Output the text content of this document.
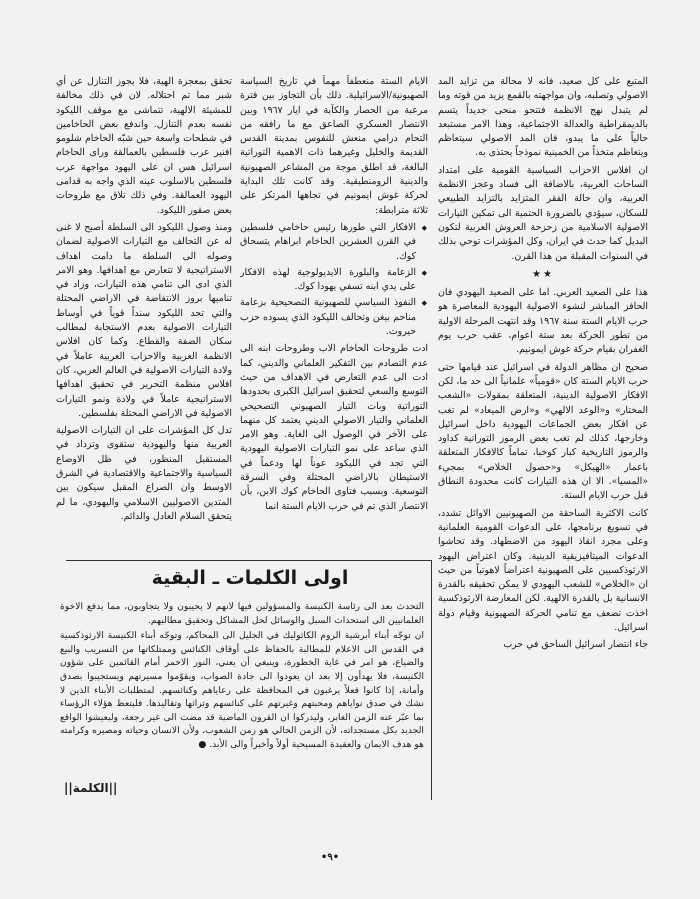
المتبع على كل صعيد، فانه لا محالة من تزايد المد الاصولي وتصلبه، وان مواجهته بالقمع يزيد من قوته وما لم يتبدل نهج الانظمة فتتحو منحى جديداً يتسم بالديمقراطية والعدالة الاجتماعية، وهذا الامر مستبعد حالياً على ما يبدو، فان المد الاصولي سيتعاظم ويتعاظم متخذاً من الخمينية نموذجاً يحتذى به.

ان افلاس الاحزاب السياسية القومية على امتداد الساحات العربية، بالاضافة الى فساد وعجز الانظمة العربية، وان حالة الفقر المتزايد بالتزايد الطبيعي للسكان، سيؤدي بالضرورة الحتمية الى تمكين التيارات الاصولية الاسلامية من زحزحة العروش العربية لتكون البديل كما حدث في ايران، وكل المؤشرات توحي بذلك في السنوات المقبلة من هذا القرن.

★★

هذا على الصعيد العربي. اما على الصعيد اليهودي فان الحافز المباشر لنشوء الاصولية اليهودية المعاصرة هو حرب الايام الستة سنة ١٩٦٧ وقد انتهت المرحلة الاولية من تطور الحركة بعد ستة اعوام، عقب حرب يوم الغفران بقيام حركة غوش ايمونيم.

صحيح ان مظاهر الدولة في اسرائيل عند قيامها حتى حرب الايام الستة كان «قومياً» علمانياً الى حد ما، لكن الافكار الاصولية الدينية، المتعلقة بمقولات «الشعب المختار» و«الوعد الالهي» و«ارض الميعاد» لم تغب عن افكار بعض الجماعات اليهودية داخل اسرائيل وخارجها، كذلك لم تغب بعض الرموز التوراتية كداود والرموز التاريخية كبار كوخبا، تماماً كالافكار المتعلقة باعمار «الهيكل» و«حصول الخلاص» بمجيء «المسيا». الا ان هذه التيارات كانت محدودة النطاق قبل حرب الايام الستة.

كانت الاكثرية الساحقة من الصهيونيين الاوائل تشدد، في تسويغ برنامجها، على الدعوات القومية العلمانية وعلى مجرد انقاذ اليهود من الاضطهاد. وقد تحاشوا الدعوات الميتافيزيقية الدينية. وكان اعتراض اليهود الارثوذكسيين على الصهيونية اعتراضاً لاهوتياً من حيث ان «الخلاص» للشعب اليهودي لا يمكن تحقيقه بالقدرة الانسانية بل بالقدرة الالهية. لكن المعارضة الارثوذكسية اخذت تضعف مع تنامي الحركة الصهيونية وقيام دولة اسرائيل.

جاء انتصار اسرائيل الساحق في حرب

الايام الستة منعطفاً مهماً في تاريخ السياسة الصهيونية/الاسرائيلية. ذلك بأن التجاوز بين فترة مرعبة من الحصار والكآبة في ايار ١٩٦٧ وبين الانتصار العسكري الصاعق مع ما رافقه من التحام درامي منعش للنفوس بمدينة القدس القديمة والخليل وغيرهما ذات الاهمية التوراتية البالغة، قد اطلق موجة من المشاعر الصهيونية والدينية الرومنطيقية. وقد كانت تلك البداية لحركة غوش ايمونيم في تجاهها المرتكز على ثلاثة مترابطة:

◆ الافكار التي طورها رئيس حاخامي فلسطين في القرن العشرين الحاخام ابراهام يتسحاق كوك.
◆ الزعامة والبلورة الايديولوجية لهذه الافكار على يدي ابنه تسفي يهودا كوك.
◆ النفوذ السياسي للصهيونية التصحيحية بزعامة مناحم بيغن وتحالف الليكود الذي يسوده حزب حيروت.

ادت طروحات الحاخام الاب وطروحات ابنه الى عدم التصادم بين التفكير العلماني والديني، كما ادت الى عدم التعارض في الاهداف من حيث التوسع والسعي لتحقيق اسرائيل الكبرى بحدودها التوراتية وبات التيار الصهيوني التصحيحي العلماني والتيار الاصولي الديني يعتمد كل منهما على الآخر في الوصول الى الغاية. وهو الامر الذي ساعد على نمو التيارات الاصولية اليهودية التي تجد في الليكود عوناً لها ودعماً في الاستيطان بالاراضي المحتلة وفي السرقة التوسعية. وبسبب فتاوى الحاخام كوك الابن، بأن الانتصار الذي تم في حرب الايام الستة انما

تحقق بمعجزة الهية، فلا يجوز التنازل عن أي شبر مما تم احتلاله. لان في ذلك مخالفة للمشيئة الالهية، تتماشى مع موقف الليكود نفسه بعدم التنازل. واندفع بعض الحاخامين في شطحات واسعة حين شبّه الحاخام شلومو افنير عرب فلسطين بالعمالقة وراى الحاخام اسرائيل هس ان على اليهود مواجهة عرب فلسطين بالاسلوب عينه الذي واجه به قدامى اليهود العمالقة. وفي ذلك تلاق مع طروحات بعض صقور الليكود.

ومنذ وصول الليكود الى السلطة أصبح لا غنى له عن التحالف مع التيارات الاصولية لضمان وصوله الى السلطة ما دامت اهداف الاستراتيجية لا تتعارض مع اهدافها. وهو الامر الذي ادى الى تنامي هذه التيارات، وزاد في تنامیها بروز الانتفاضة في الاراضي المحتلة والتي تجد الليكود سنداً قوياً في أوساط التيارات الاصولية بعدم الاستجابة لمطالب سكان الضفة والقطاع. وكما كان افلاس الانظمة العربية والاحزاب العربية عاملاً في ولادة التيارات الاصولية في العالم العربي، كان افلاس منظمة التحرير في تحقيق اهدافها الاستراتيجية عاملاً في ولادة ونمو التيارات الاصولية في الاراضي المحتلة بفلسطين.

تدل كل المؤشرات على ان التيارات الاصولية العربية منها واليهودية ستقوى وتزداد في المستقبل المنظور، في ظل الاوضاع السياسية والاجتماعية والاقتصادية في الشرق الاوسط وان الصراع المقبل سيكون بين المتدين الاصوليين الاسلامي واليهودي، ما لم يتحقق السلام العادل والدائم.

اولى الكلمات ـ البقية

التحدث بعد الى رئاسة الكنيسة والمسؤولين فيها لانهم لا يجيبون ولا يتجاوبون، مما يدفع الاخوة العلمانيين الى استحداث السبل والوسائل لحل المشاكل وتحقيق مطالبهم.

ان توجّه أبناء أبرشية الروم الكاثوليك في الجليل الى المحاكم، وتوجّه أبناء الكنيسة الارثوذكسية في القدس الى الاعلام للمطالبة بالحفاظ على أوقاف الكنائس وممتلكاتها من التسريب والبيع والضياع، هو امر في غاية الخطورة، وينبغي أن يعني، النور الاحمر أمام القائمين على شؤون الكنيسة، فلا يهدأون إلا بعد ان يعودوا الى جادة الصواب، ويقوّموا مسيرتهم ويستجيبوا بصدق وأمانة، إذا كانوا فعلاً يرغبون في المحافظة على رعاياهم وكنائسهم. لمتطلبات الأبناء الذين لا نشك في صدق نواياهم ومحبتهم وغيرتهم على كنائسهم وتراثها وتقاليدها. فليتعظ هؤلاء الرؤساء بما عبّر عنه الزمن الغابر، وليدركوا ان القرون الماضية قد مضت الى غير رجعة، وليعيشوا الواقع الجديد بكل مستجداته، لأن الزمن الحالي هو زمن الشعوب، ولأن الانسان وحياته ومصيره وكرامته هو هدف الايمان والعقيدة المسيحية أولاً وأخيراً والى الأبد. ●

||الكلمة||
•٩•
